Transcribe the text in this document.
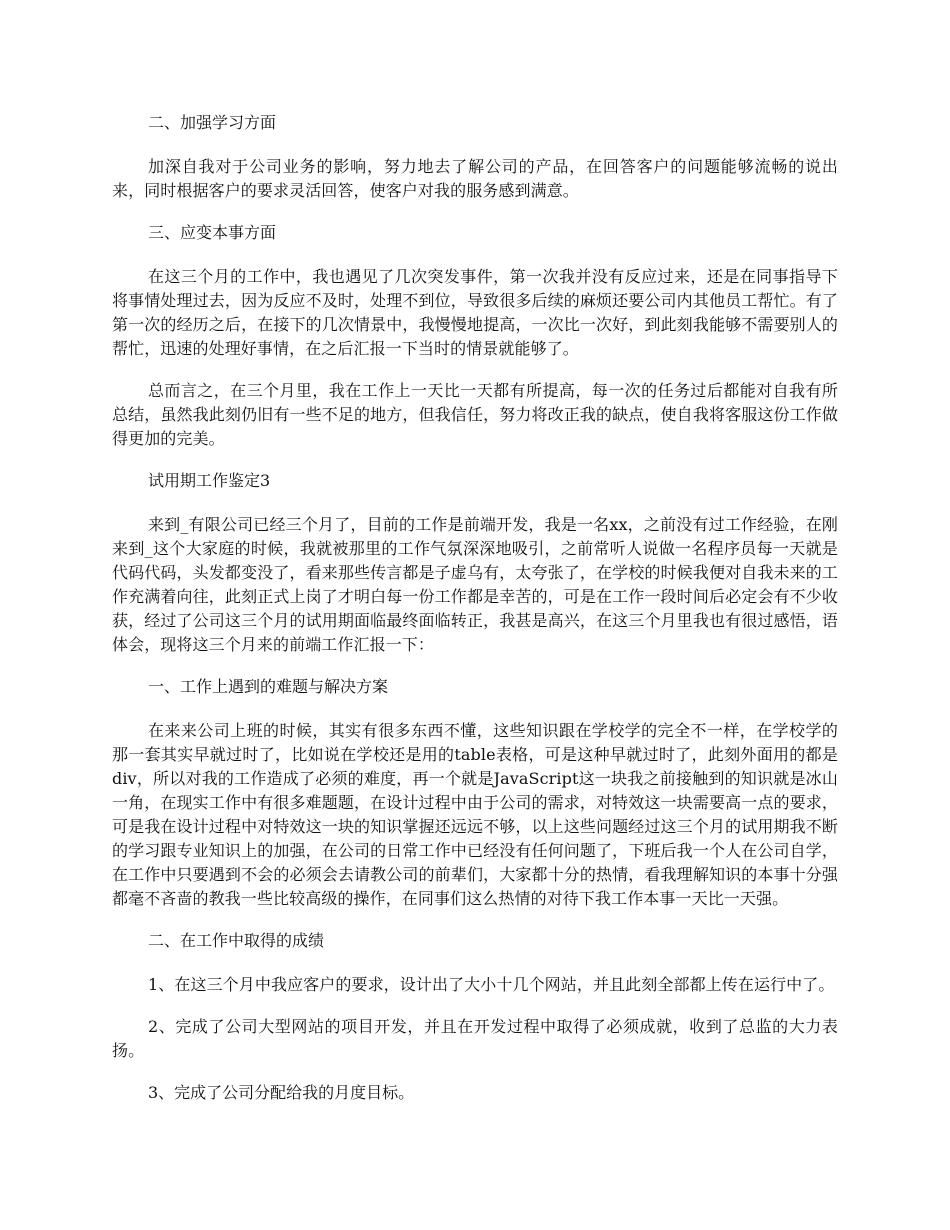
二、加强学习方面

加深自我对于公司业务的影响，努力地去了解公司的产品，在回答客户的问题能够流畅的说出来，同时根据客户的要求灵活回答，使客户对我的服务感到满意。

三、应变本事方面

在这三个月的工作中，我也遇见了几次突发事件，第一次我并没有反应过来，还是在同事指导下将事情处理过去，因为反应不及时，处理不到位，导致很多后续的麻烦还要公司内其他员工帮忙。有了第一次的经历之后，在接下的几次情景中，我慢慢地提高，一次比一次好，到此刻我能够不需要别人的帮忙，迅速的处理好事情，在之后汇报一下当时的情景就能够了。

总而言之，在三个月里，我在工作上一天比一天都有所提高，每一次的任务过后都能对自我有所总结，虽然我此刻仍旧有一些不足的地方，但我信任，努力将改正我的缺点，使自我将客服这份工作做得更加的完美。

试用期工作鉴定3

来到_有限公司已经三个月了，目前的工作是前端开发，我是一名xx，之前没有过工作经验，在刚来到_这个大家庭的时候，我就被那里的工作气氛深深地吸引，之前常听人说做一名程序员每一天就是代码代码，头发都变没了，看来那些传言都是子虚乌有，太夸张了，在学校的时候我便对自我未来的工作充满着向往，此刻正式上岗了才明白每一份工作都是幸苦的，可是在工作一段时间后必定会有不少收获，经过了公司这三个月的试用期面临最终面临转正，我甚是高兴，在这三个月里我也有很过感悟，语体会，现将这三个月来的前端工作汇报一下：

一、工作上遇到的难题与解决方案

在来来公司上班的时候，其实有很多东西不懂，这些知识跟在学校学的完全不一样，在学校学的那一套其实早就过时了，比如说在学校还是用的table表格，可是这种早就过时了，此刻外面用的都是div，所以对我的工作造成了必须的难度，再一个就是JavaScript这一块我之前接触到的知识就是冰山一角，在现实工作中有很多难题题，在设计过程中由于公司的需求，对特效这一块需要高一点的要求，可是我在设计过程中对特效这一块的知识掌握还远远不够，以上这些问题经过这三个月的试用期我不断的学习跟专业知识上的加强，在公司的日常工作中已经没有任何问题了，下班后我一个人在公司自学，在工作中只要遇到不会的必须会去请教公司的前辈们，大家都十分的热情，看我理解知识的本事十分强都毫不吝啬的教我一些比较高级的操作，在同事们这么热情的对待下我工作本事一天比一天强。

二、在工作中取得的成绩

1、在这三个月中我应客户的要求，设计出了大小十几个网站，并且此刻全部都上传在运行中了。

2、完成了公司大型网站的项目开发，并且在开发过程中取得了必须成就，收到了总监的大力表扬。

3、完成了公司分配给我的月度目标。
